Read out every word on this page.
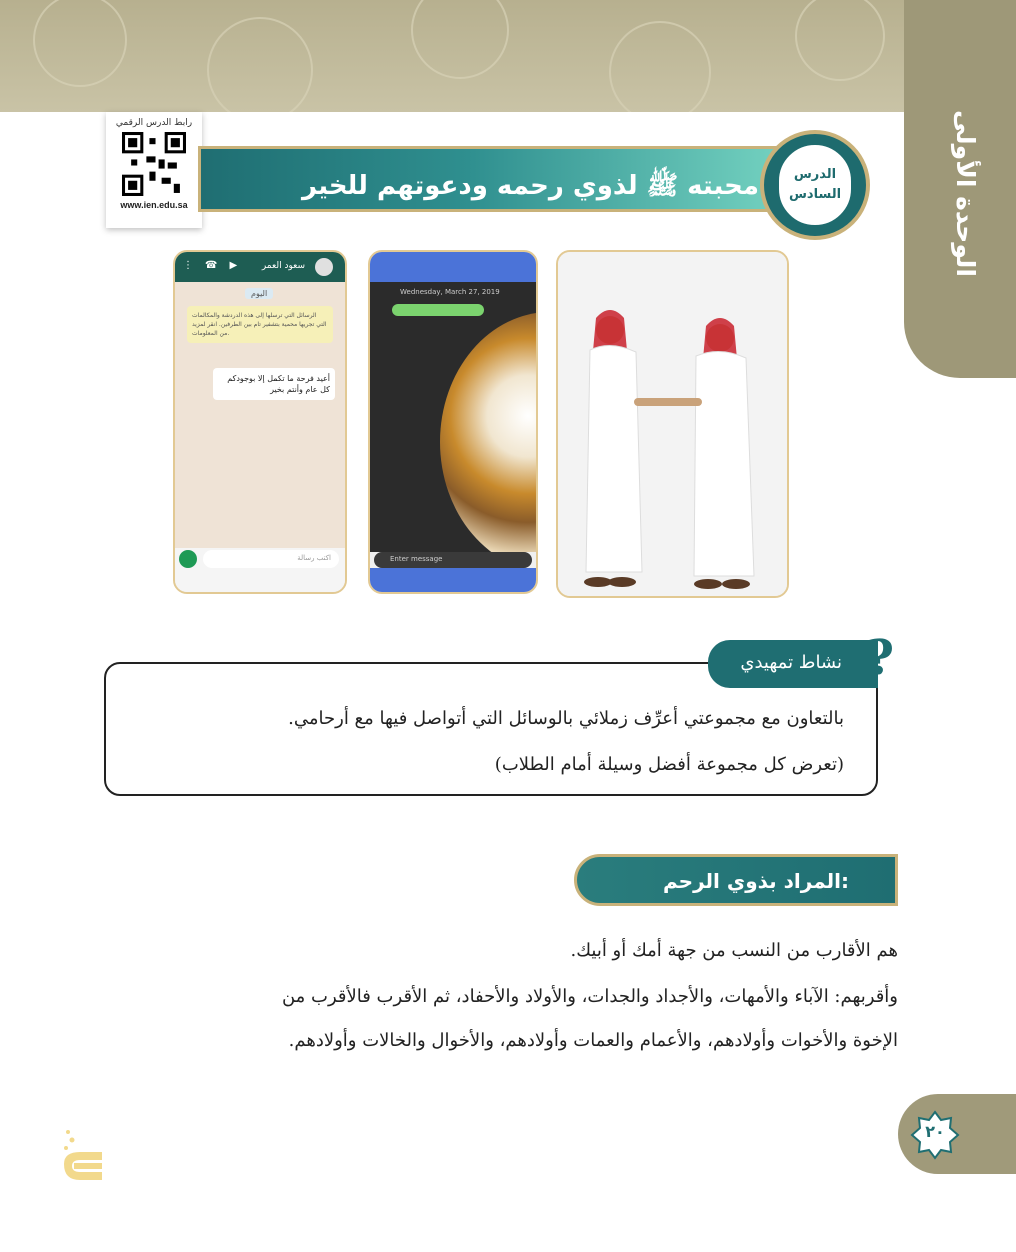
الوحدة الأولى
رابط الدرس الرقمي
www.ien.edu.sa
محبته ﷺ لذوي رحمه ودعوتهم للخير	الدرس
السادس
⋮☎▶ سعود العمر
اليوم
الرسائل التي ترسلها إلى هذه الدردشة والمكالمات التي تجريها محمية بتشفير تام بين الطرفين. انقر لمزيد من المعلومات.
أعيد فرحة ما تكمل إلا بوجودكم كل عام وأنتم بخير
اكتب رسالة
Wednesday, March 27, 2019
Enter message

بالتعاون مع مجموعتي أعرِّف زملائي بالوسائل التي أتواصل فيها مع أرحامي.

(تعرض كل مجموعة أفضل وسيلة أمام الطلاب)

نشاط تمهيدي ?
المراد بذوي الرحم:

هم الأقارب من النسب من جهة أمك أو أبيك.

وأقربهم: الآباء والأمهات، والأجداد والجدات، والأولاد والأحفاد، ثم الأقرب فالأقرب من

الإخوة والأخوات وأولادهم، والأعمام والعمات وأولادهم، والأخوال والخالات وأولادهم.

٢٠
